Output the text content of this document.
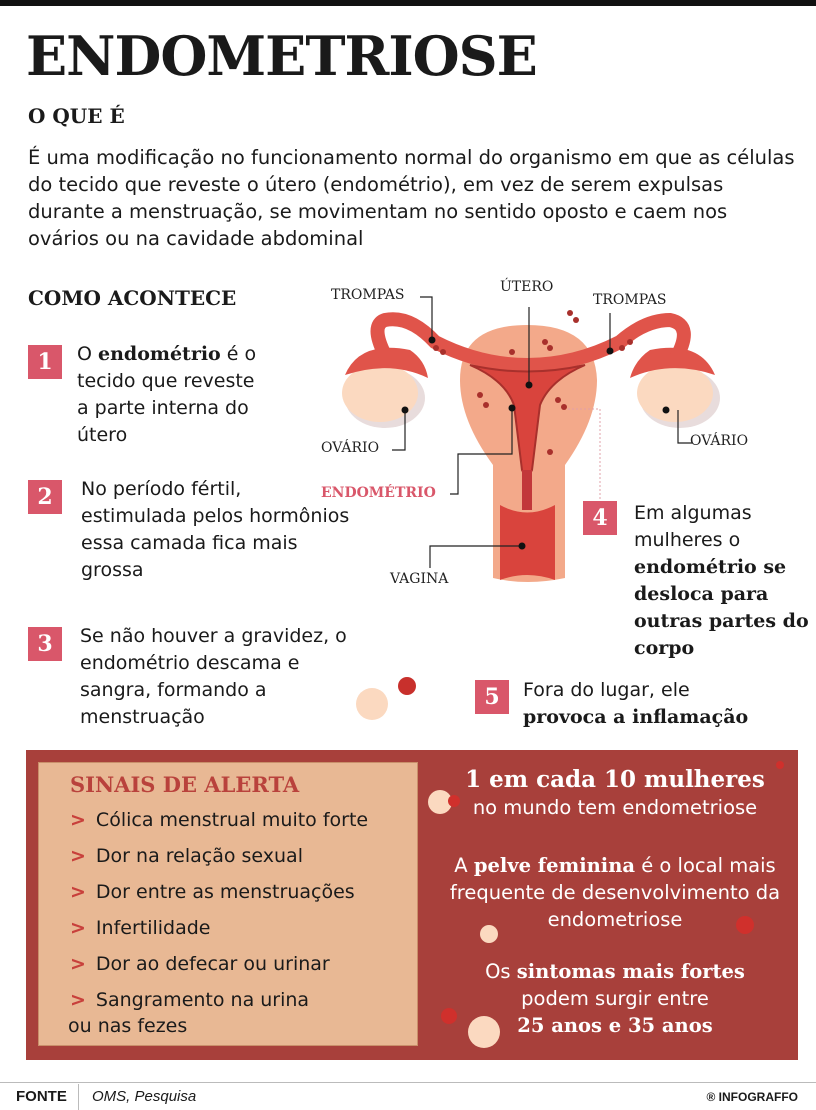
ENDOMETRIOSE
O QUE É
É uma modificação no funcionamento normal do organismo em que as células do tecido que reveste o útero (endométrio), em vez de serem expulsas durante a menstruação, se movimentam no sentido oposto e caem nos ovários ou na cavidade abdominal
COMO ACONTECE
1	O endométrio é o tecido que reveste a parte interna do útero
2	No período fértil, estimulada pelos hormônios essa camada fica mais grossa
3	Se não houver a gravidez, o endométrio descama e sangra, formando a menstruação
4	Em algumas mulheres o endométrio se desloca para outras partes do corpo
5	Fora do lugar, ele
provoca a inflamação
TROMPAS	ÚTERO
TROMPAS
OVÁRIO	OVÁRIO
ENDOMÉTRIO
VAGINA
SINAIS DE ALERTA
> Cólica menstrual muito forte
> Dor na relação sexual
> Dor entre as menstruações
> Infertilidade
> Dor ao defecar ou urinar
> Sangramento na urina
ou nas fezes
1 em cada 10 mulheres
no mundo tem endometriose
A pelve feminina é o local mais frequente de desenvolvimento da endometriose
Os sintomas mais fortes
podem surgir entre
25 anos e 35 anos
FONTE OMS, Pesquisa	® INFOGRAFFO
